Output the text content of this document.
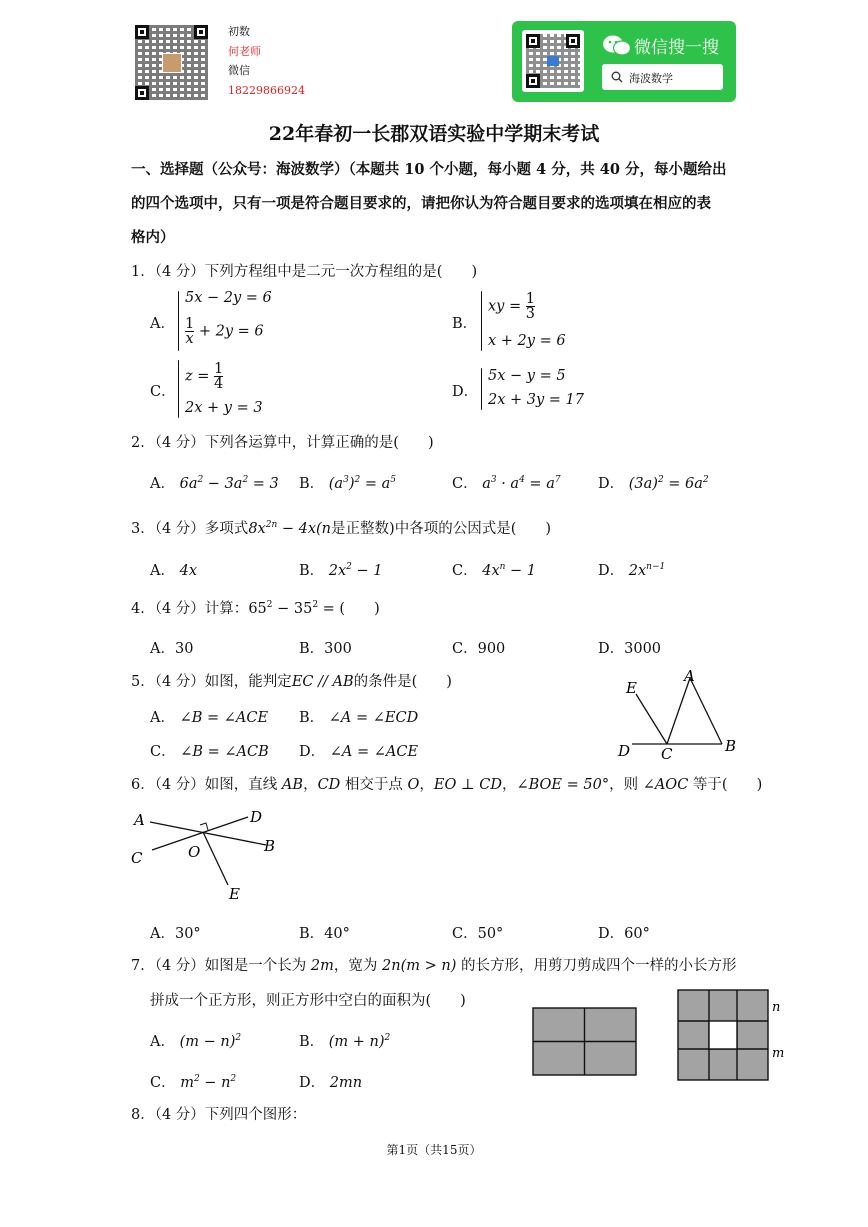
初数
何老师
微信
18229866924
微信搜一搜
海波数学
22年春初一长郡双语实验中学期末考试
一、选择题（公众号：海波数学）（本题共 10 个小题，每小题 4 分，共 40 分，每小题给出
的四个选项中，只有一项是符合题目要求的，请把你认为符合题目要求的选项填在相应的表
格内）
1．（4 分）下列方程组中是二元一次方程组的是(　　)
A．
5x − 2y = 6
$\frac{1}{x} + 2y = 6$	B．
xy = $\frac{1}{3}$
x + 2y = 6
C．
$z = \frac{1}{4}$
2x + y = 3
D．
5x − y = 5
2x + 3y = 17
2．（4 分）下列各运算中，计算正确的是(　　)
A． $6a^2 - 3a^2 = 3$ B． $(a^3)^2 = a^5$	C． $a^3 \cdot a^4 = a^7$	D． $(3a)^2 = 6a^2$
3．（4 分）多项式$8x^{2n} - 4x(n$是正整数)中各项的公因式是(　　)
A． 4x	B． $2x^2 - 1$	C． $4x^n - 1$	D． $2x^{n-1}$
4．（4 分）计算：$65^2 - 35^2$ = (　　)
A．30	B．300	C．900	D．3000
5．（4 分）如图，能判定EC // AB的条件是(　　)
A． ∠B = ∠ACE B． ∠A = ∠ECD
C． ∠B = ∠ACB D． ∠A = ∠ACE
E
A
D C	B
6．（4 分）如图，直线 AB，CD 相交于点 O，EO ⊥ CD，∠BOE = 50°，则 ∠AOC 等于(　　)
A	D
C	O	B
E
A．30°	B．40°	C．50°	D．60°
7．（4 分）如图是一个长为 2m，宽为 2n(m > n) 的长方形，用剪刀剪成四个一样的小长方形
拼成一个正方形，则正方形中空白的面积为(　　)
A． $(m - n)^2$	B． $(m + n)^2$
C． $m^2 - n^2$	D． 2mn
n
m
8．（4 分）下列四个图形：
第1页（共15页）
